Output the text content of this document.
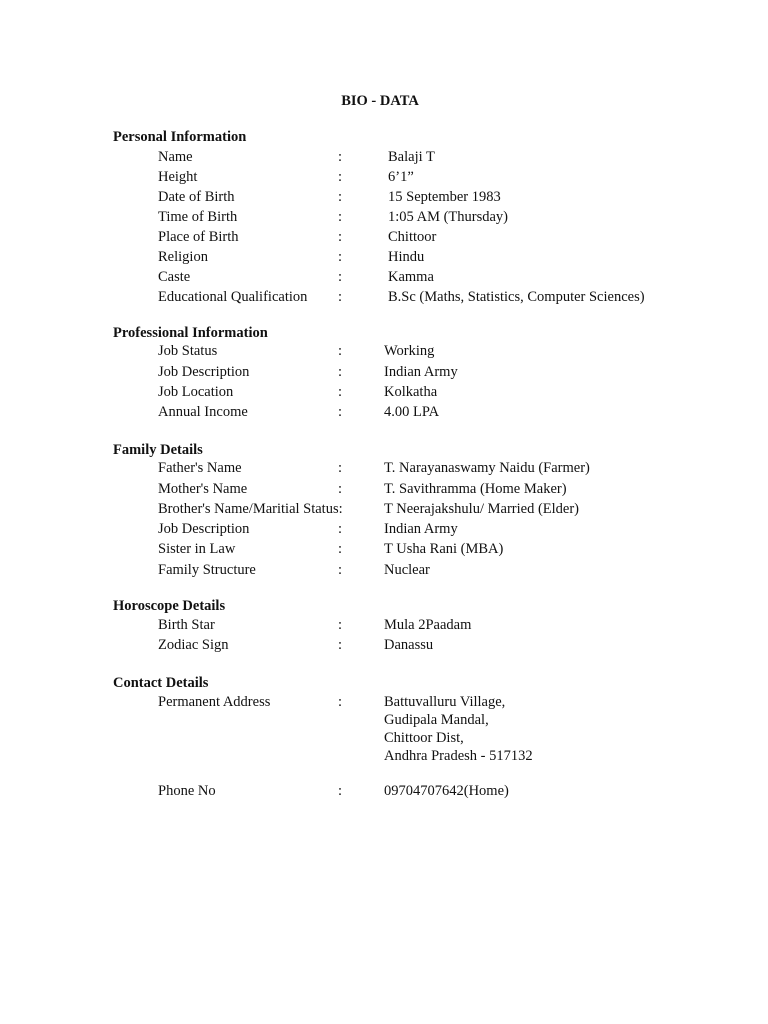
BIO - DATA
Personal Information
Name	:	Balaji T
Height	:	6’1”
Date of Birth	:	15 September 1983
Time of Birth	:	1:05 AM (Thursday)
Place of Birth	:	Chittoor
Religion	:	Hindu
Caste	:	Kamma
Educational Qualification :	B.Sc (Maths, Statistics, Computer Sciences)
Professional Information
Job Status	:	Working
Job Description	:	Indian Army
Job Location	:	Kolkatha
Annual Income	:	4.00 LPA
Family Details
Father's Name	:	T. Narayanaswamy Naidu (Farmer)
Mother's Name	:	T. Savithramma (Home Maker)
Brother's Name/Maritial Status:	T Neerajakshulu/ Married (Elder)
Job Description	:	Indian Army
Sister in Law	:	T Usha Rani (MBA)
Family Structure	:	Nuclear
Horoscope Details
Birth Star	:	Mula 2Paadam
Zodiac Sign	:	Danassu
Contact Details
Permanent Address	:	Battuvalluru Village,
Gudipala Mandal,
Chittoor Dist,
Andhra Pradesh - 517132
Phone No	:	09704707642(Home)
